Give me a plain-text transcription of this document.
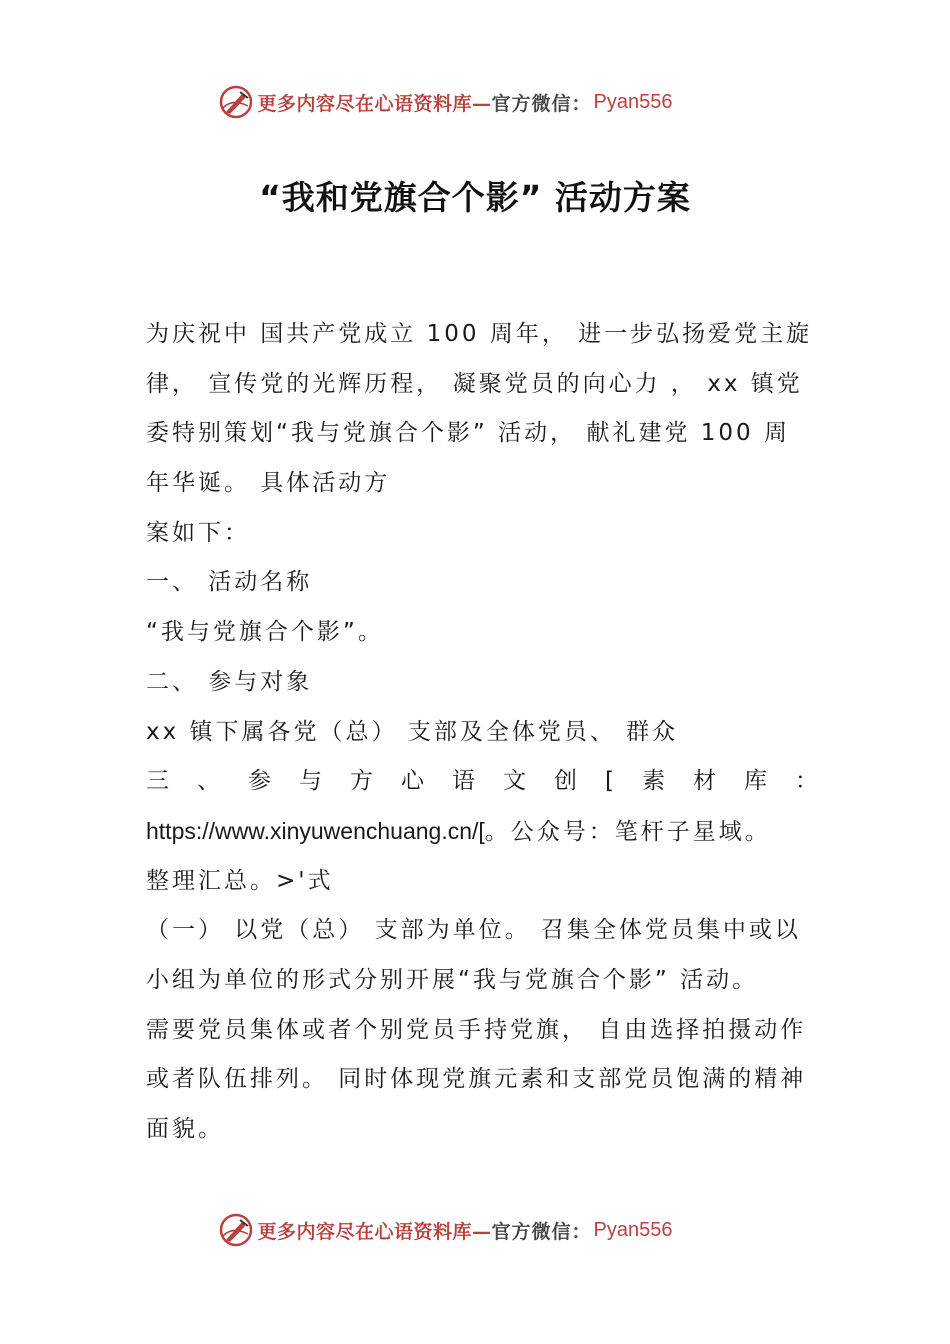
更多内容尽在心语资料库— 官方微信： Pyan556
“我和党旗合个影” 活动方案
为庆祝中 国共产党成立 100 周年， 进一步弘扬爱党主旋
律， 宣传党的光辉历程， 凝聚党员的向心力 ， xx 镇党
委特别策划“我与党旗合个影” 活动， 献礼建党 100 周
年华诞。 具体活动方
案如下：
一、 活动名称
“我与党旗合个影”。
二、 参与对象
xx 镇下属各党（总） 支部及全体党员、 群众
三 、 参 与 方 心 语 文 创 [ 素 材 库 ：
https://www.xinyuwenchuang.cn/[。公众号：笔杆子星域。
整理汇总。>'式
（一） 以党（总） 支部为单位。 召集全体党员集中或以
小组为单位的形式分别开展“我与党旗合个影” 活动。
需要党员集体或者个别党员手持党旗， 自由选择拍摄动作
或者队伍排列。 同时体现党旗元素和支部党员饱满的精神
面貌。
更多内容尽在心语资料库— 官方微信： Pyan556
